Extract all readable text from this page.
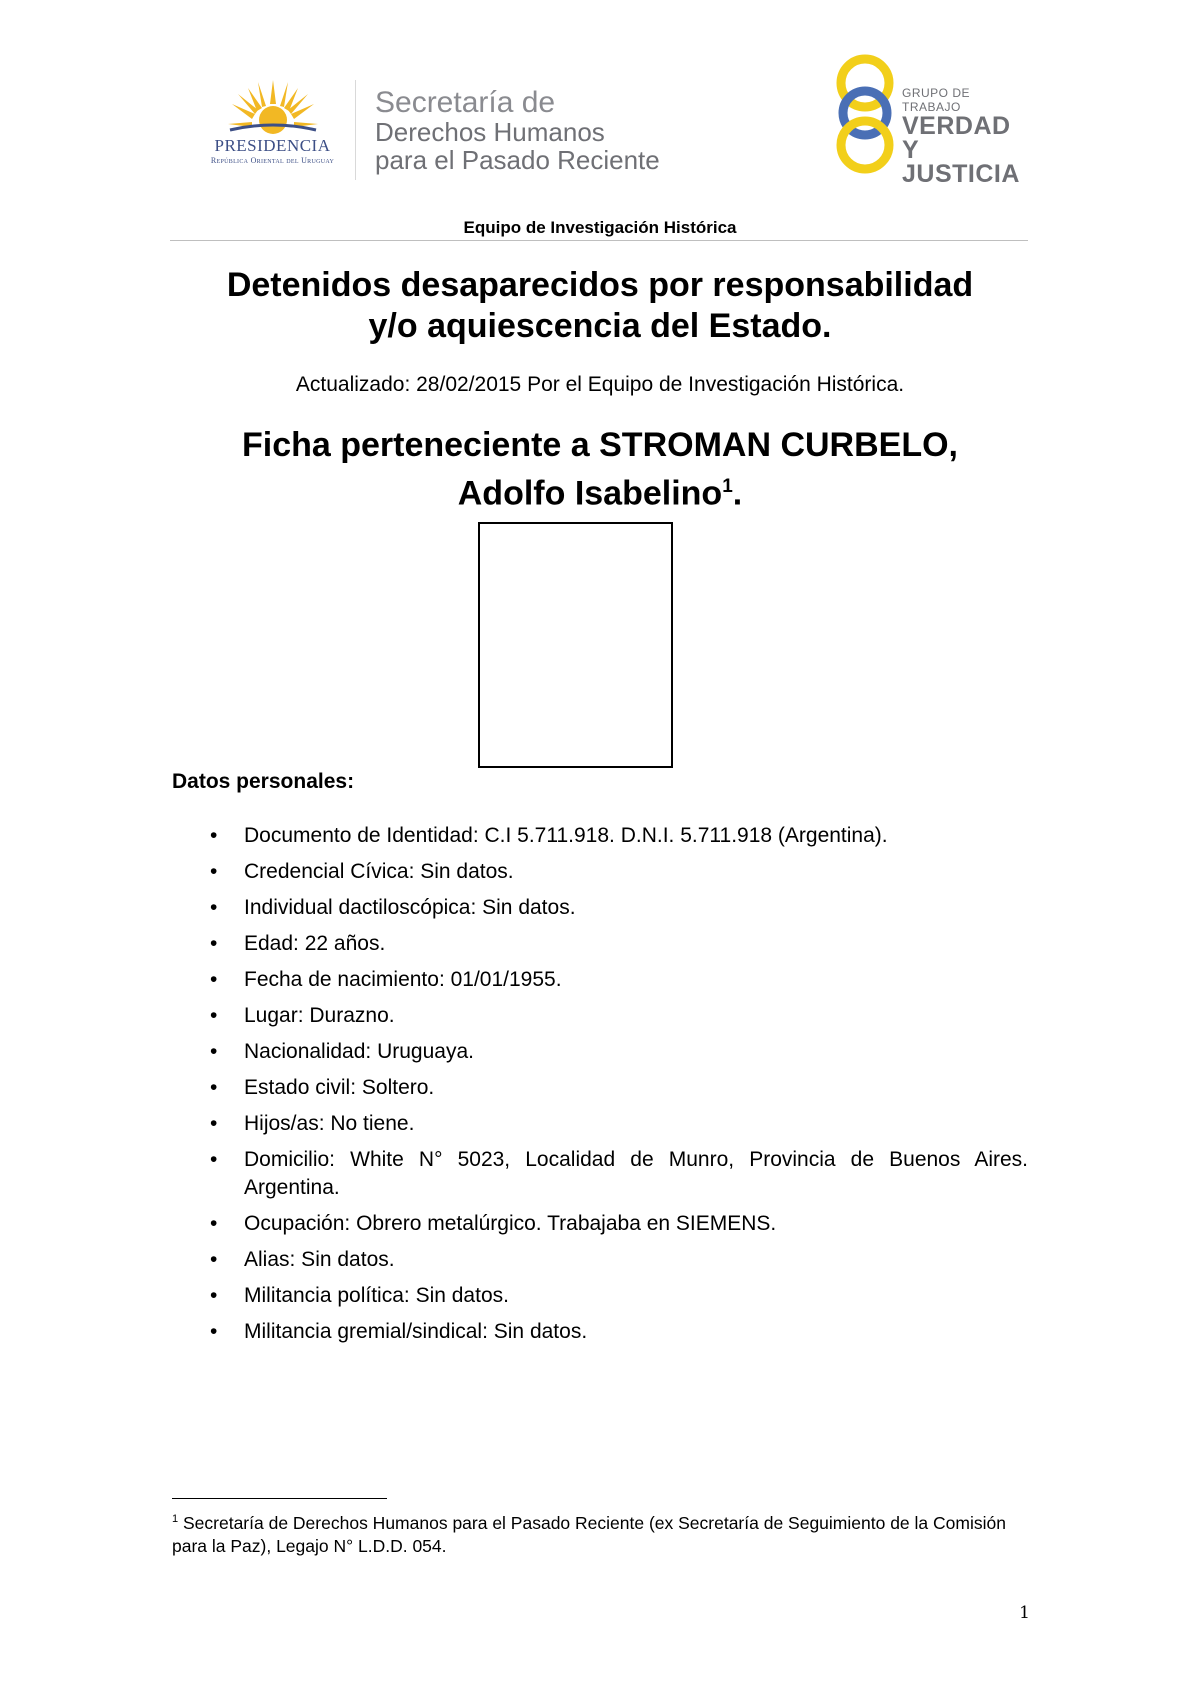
PRESIDENCIA
República Oriental del Uruguay
Secretaría de
Derechos Humanos
para el Pasado Reciente
GRUPO DE TRABAJO
VERDAD Y
JUSTICIA
Equipo de Investigación Histórica
Detenidos desaparecidos por responsabilidad
y/o aquiescencia del Estado.
Actualizado: 28/02/2015 Por el Equipo de Investigación Histórica.
Ficha perteneciente a STROMAN CURBELO,
Adolfo Isabelino$^1$.
Datos personales:
• Documento de Identidad: C.I 5.711.918. D.N.I. 5.711.918 (Argentina).
• Credencial Cívica: Sin datos.
• Individual dactiloscópica: Sin datos.
• Edad: 22 años.
• Fecha de nacimiento: 01/01/1955.
• Lugar: Durazno.
• Nacionalidad: Uruguaya.
• Estado civil: Soltero.
• Hijos/as: No tiene.
• Domicilio: White N° 5023, Localidad de Munro, Provincia de Buenos Aires. Argentina.
• Ocupación: Obrero metalúrgico. Trabajaba en SIEMENS.
• Alias: Sin datos.
• Militancia política: Sin datos.
• Militancia gremial/sindical: Sin datos.
$^1$ Secretaría de Derechos Humanos para el Pasado Reciente (ex Secretaría de Seguimiento de la Comisión para la Paz), Legajo N° L.D.D. 054.
1
